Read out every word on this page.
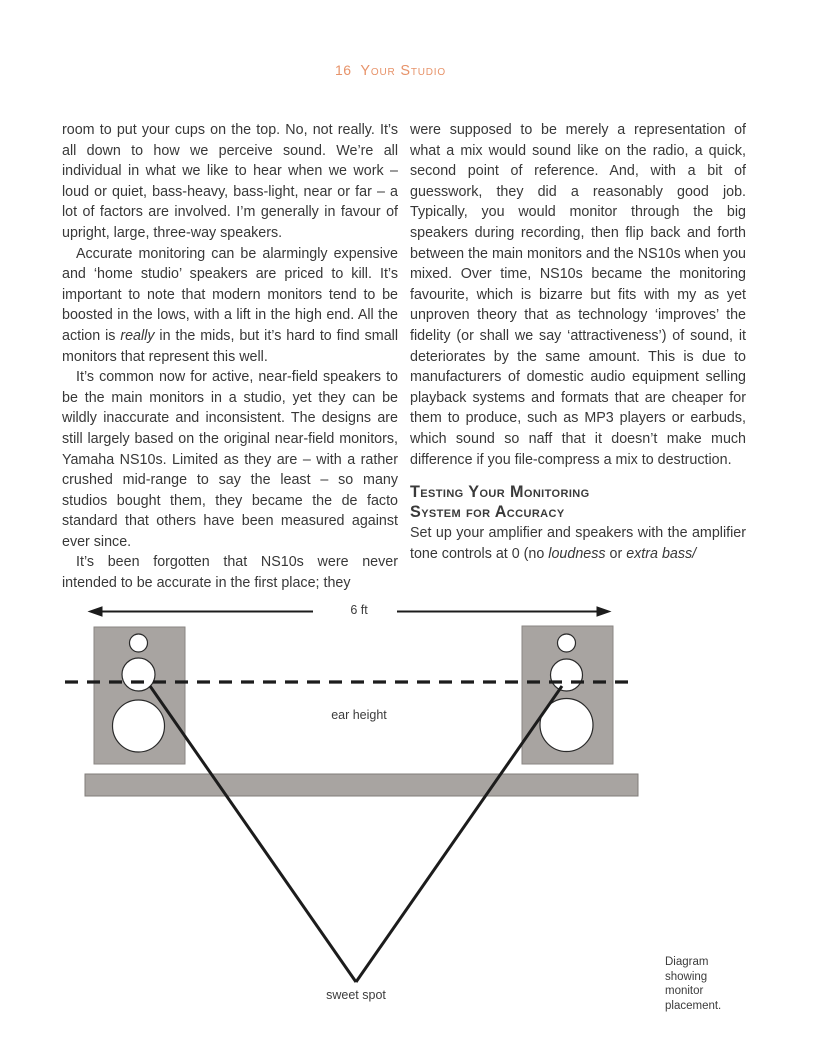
16 Your Studio

room to put your cups on the top. No, not really. It’s all down to how we perceive sound. We’re all individual in what we like to hear when we work – loud or quiet, bass-heavy, bass-light, near or far – a lot of factors are involved. I’m generally in favour of upright, large, three-way speakers.

Accurate monitoring can be alarmingly expensive and ‘home studio’ speakers are priced to kill. It’s important to note that modern monitors tend to be boosted in the lows, with a lift in the high end. All the action is really in the mids, but it’s hard to find small monitors that represent this well.

It’s common now for active, near-field speakers to be the main monitors in a studio, yet they can be wildly inaccurate and inconsistent. The designs are still largely based on the original near-field monitors, Yamaha NS10s. Limited as they are – with a rather crushed mid-range to say the least – so many studios bought them, they became the de facto standard that others have been measured against ever since.

It’s been forgotten that NS10s were never intended to be accurate in the first place; they

were supposed to be merely a representation of what a mix would sound like on the radio, a quick, second point of reference. And, with a bit of guesswork, they did a reasonably good job. Typically, you would monitor through the big speakers during recording, then flip back and forth between the main monitors and the NS10s when you mixed. Over time, NS10s became the monitoring favourite, which is bizarre but fits with my as yet unproven theory that as technology ‘improves’ the fidelity (or shall we say ‘attractiveness’) of sound, it deteriorates by the same amount. This is due to manufacturers of domestic audio equipment selling playback systems and formats that are cheaper for them to produce, such as MP3 players or earbuds, which sound so naff that it doesn’t make much difference if you file-compress a mix to destruction.

Testing Your Monitoring
System for Accuracy

Set up your amplifier and speakers with the amplifier tone controls at 0 (no loudness or extra bass/

6 ft
ear height
sweet spot
Diagram showing monitor placement.
